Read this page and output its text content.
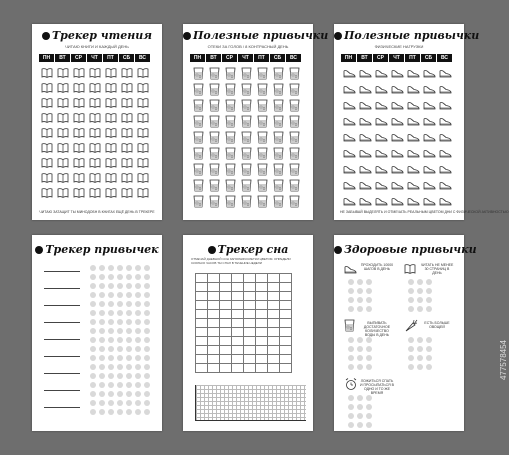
Трекер чтения
ЧИТАЮ КНИГИ И КАЖДЫЙ ДЕНЬ
ПН	ВТ	СР	ЧТ	ПТ	СБ	ВС
ЧИТАЮ ЗАТАЩИТ ТЫ МИНОДОБН В КНИГАХ ЕЩЁ ДЕНЬ В ТРЕКЕРЕ
Полезные привычки
ОТЕКИ ЗА ГОЛОВ / 8 КОНТРАСНЫЙ ДЕНЬ
ПН	ВТ	СР	ЧТ	ПТ	СБ	ВС
Полезные привычки
ФИЗИЧЕСКИЕ НАГРУЗКИ
ПН	ВТ	СР	ЧТ	ПТ	СБ	ВС
НЕ ЗАБЫВАЙ ВЫДЕЛЯТЬ И ОТМЕЧАТЬ РЕАЛЬНЫМ ЦВЕТОМ ДНИ С ФИЗИЧЕСКОЙ АКТИВНОСТЬЮ
Трекер привычек	Трекер сна
ОТМЕЧАЙ ДНЕВНОЙ СОН ЗАПОЛНЯЯ КЛЕТКИ ЦВЕТОМ. ОПРЕДЕЛИ СКОЛЬКО ЧАСОВ ТЫ СПАЛ В ТЕЧЕНИЕ НЕДЕЛИ

Здоровые привычки
ПРОХОДИТЬ 10000 ШАГОВ В ДЕНЬ
ЧИТАТЬ НЕ МЕНЕЕ 30 СТРАНИЦ В ДЕНЬ
ВЫПИВАТЬ ДОСТАТОЧНОЕ КОЛИЧЕСТВО ВОДЫ В ДЕНЬ
ЕСТЬ БОЛЬШЕ ОВОЩЕЙ
ЛОЖИТЬСЯ СПАТЬ И ПРОСЫПАТЬСЯ В ОДНО И ТО ЖЕ ВРЕМЯ
477578454
